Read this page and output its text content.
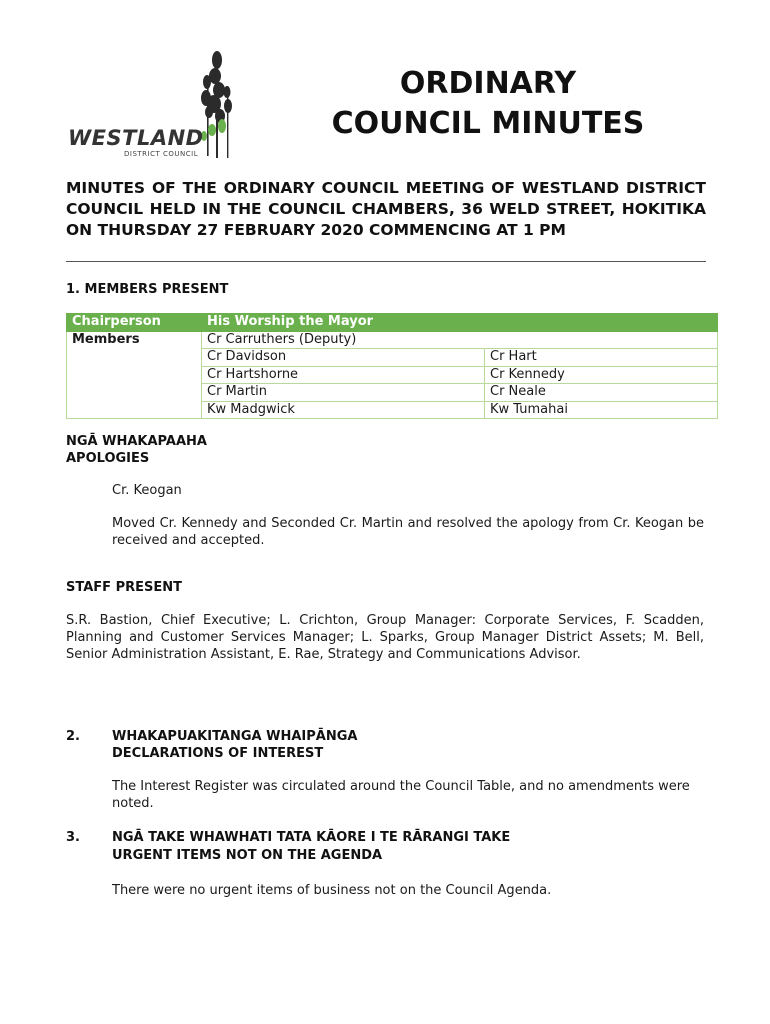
WESTLAND
DISTRICT COUNCIL
ORDINARY
COUNCIL MINUTES
MINUTES OF THE ORDINARY COUNCIL MEETING OF WESTLAND DISTRICT COUNCIL HELD IN THE COUNCIL CHAMBERS, 36 WELD STREET, HOKITIKA ON THURSDAY 27 FEBRUARY 2020 COMMENCING AT 1 PM
1. MEMBERS PRESENT
Chairperson	His Worship the Mayor	
Members	Cr Carruthers (Deputy)	
	Cr Davidson	Cr Hart
	Cr Hartshorne	Cr Kennedy
	Cr Martin	Cr Neale
	Kw Madgwick	Kw Tumahai
NGĀ WHAKAPAAHA
APOLOGIES
Cr. Keogan
Moved Cr. Kennedy and Seconded Cr. Martin and resolved the apology from Cr. Keogan be received and accepted.
STAFF PRESENT
S.R. Bastion, Chief Executive; L. Crichton, Group Manager: Corporate Services, F. Scadden, Planning and Customer Services Manager; L. Sparks, Group Manager District Assets; M. Bell, Senior Administration Assistant, E. Rae, Strategy and Communications Advisor.
2. WHAKAPUAKITANGA WHAIPĀNGA
DECLARATIONS OF INTEREST
The Interest Register was circulated around the Council Table, and no amendments were noted.
3. NGĀ TAKE WHAWHATI TATA KĀORE I TE RĀRANGI TAKE
URGENT ITEMS NOT ON THE AGENDA
There were no urgent items of business not on the Council Agenda.
